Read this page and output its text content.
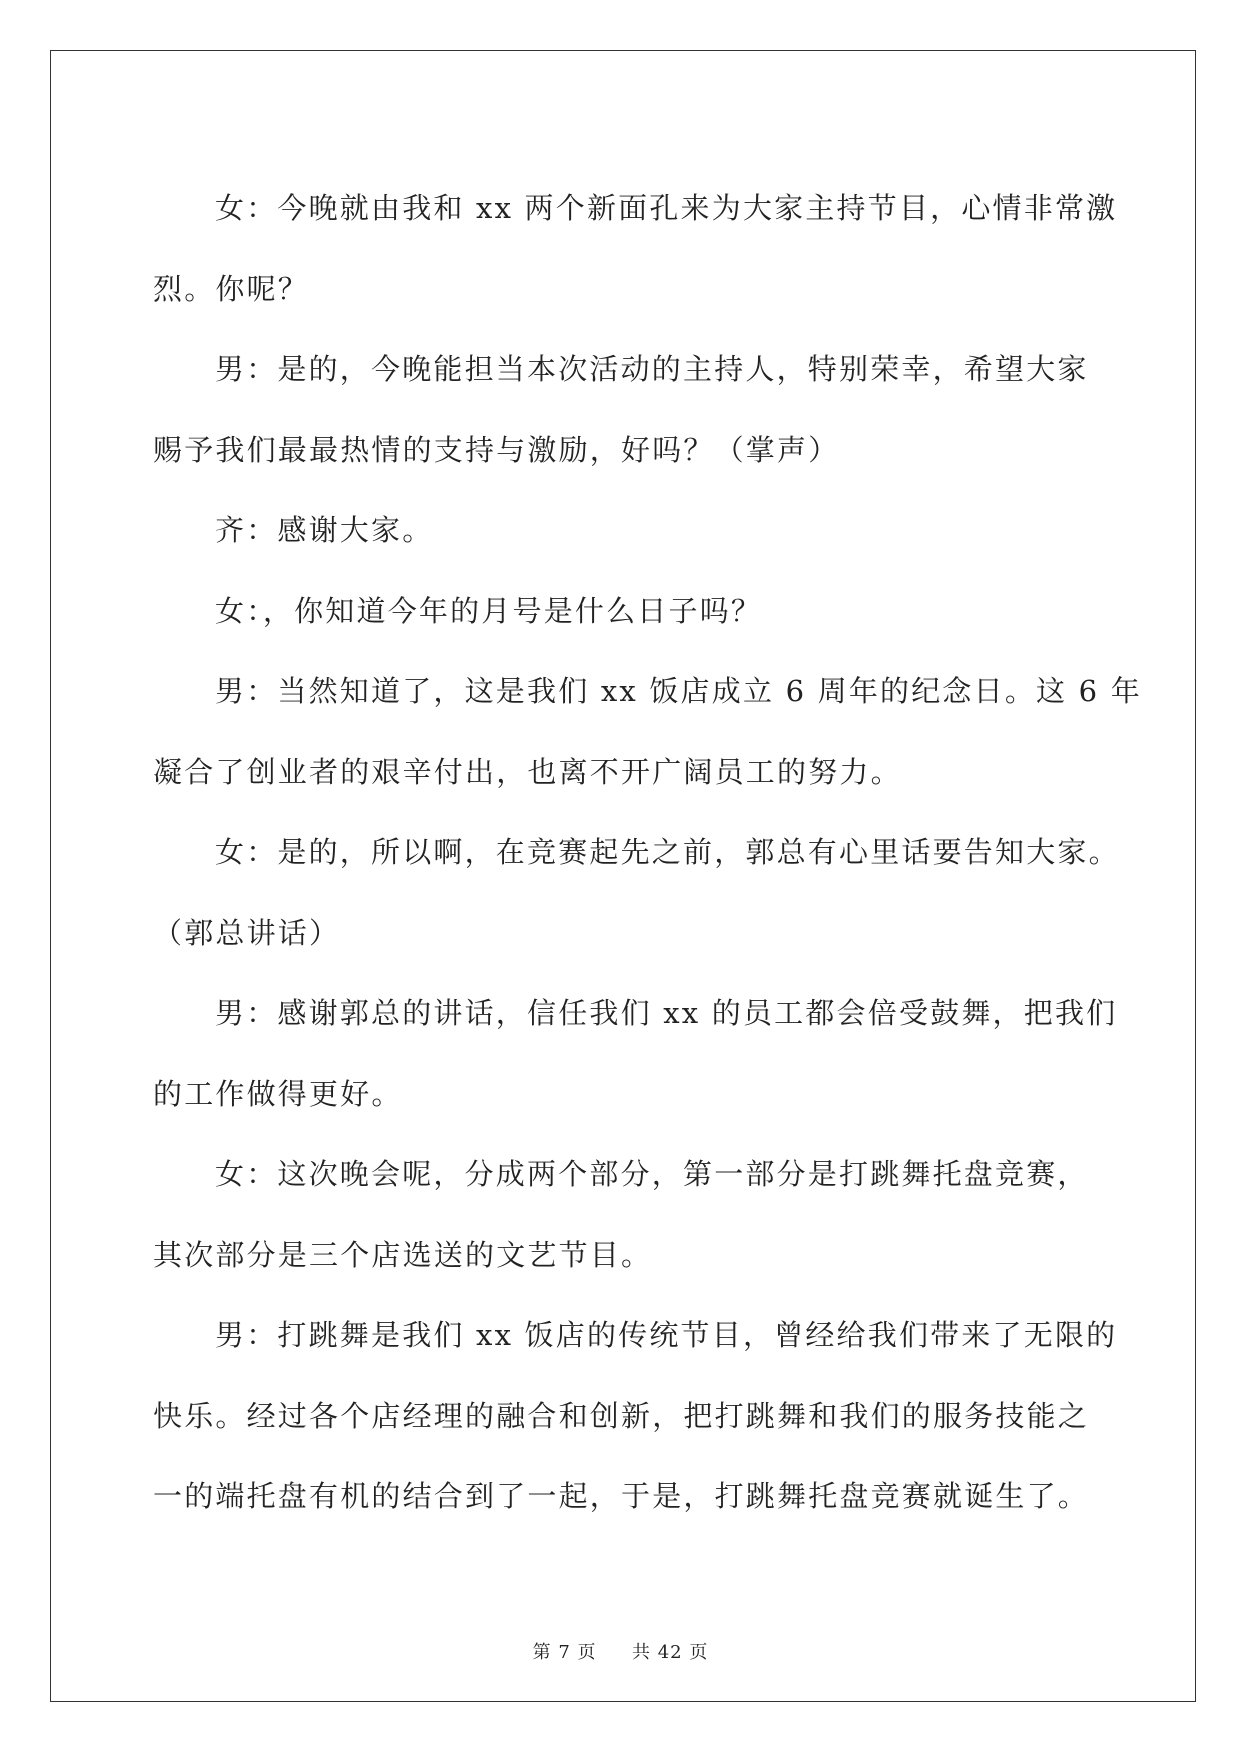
女：今晚就由我和 xx 两个新面孔来为大家主持节目，心情非常激
烈。你呢？
男：是的，今晚能担当本次活动的主持人，特别荣幸，希望大家
赐予我们最最热情的支持与激励，好吗？（掌声）
齐：感谢大家。
女：，你知道今年的月号是什么日子吗？
男：当然知道了，这是我们 xx 饭店成立 6 周年的纪念日。这 6 年
凝合了创业者的艰辛付出，也离不开广阔员工的努力。
女：是的，所以啊，在竞赛起先之前，郭总有心里话要告知大家。
（郭总讲话）
男：感谢郭总的讲话，信任我们 xx 的员工都会倍受鼓舞，把我们
的工作做得更好。
女：这次晚会呢，分成两个部分，第一部分是打跳舞托盘竞赛，
其次部分是三个店选送的文艺节目。
男：打跳舞是我们 xx 饭店的传统节目，曾经给我们带来了无限的
快乐。经过各个店经理的融合和创新，把打跳舞和我们的服务技能之
一的端托盘有机的结合到了一起，于是，打跳舞托盘竞赛就诞生了。

第 7 页 共 42 页
